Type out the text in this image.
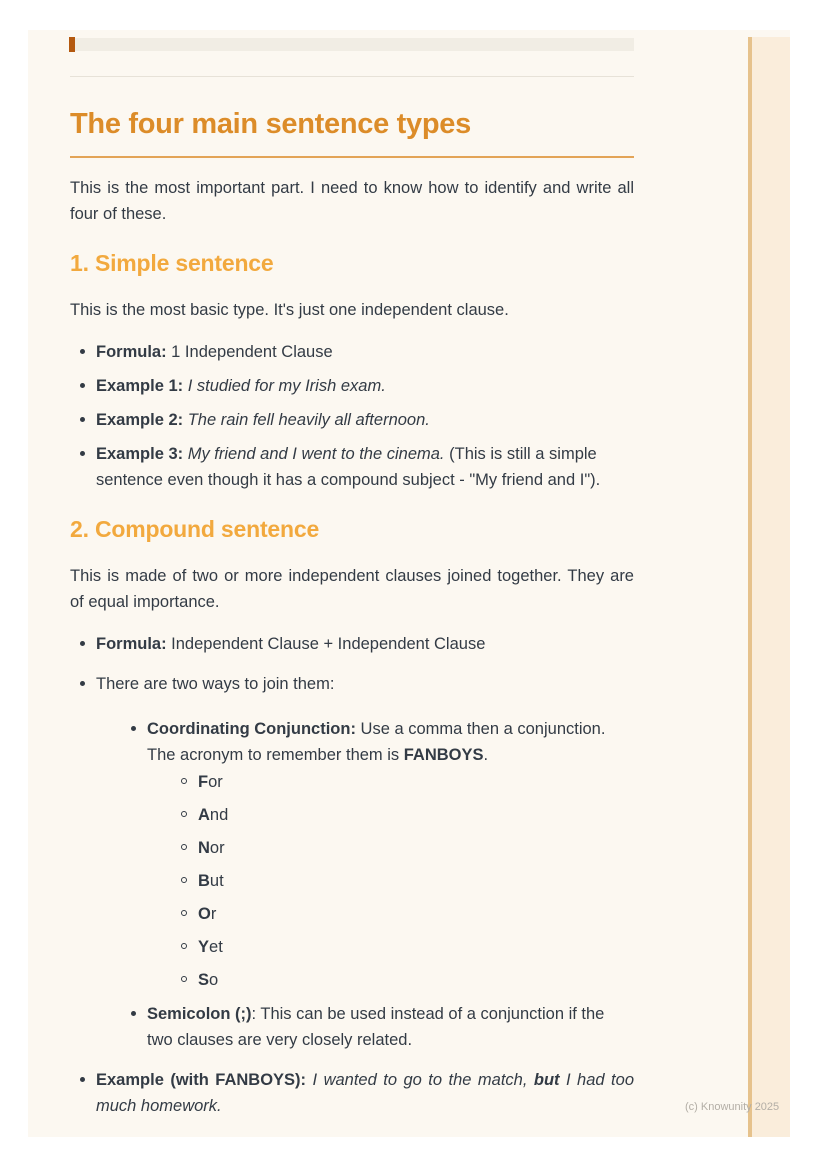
The four main sentence types

This is the most important part. I need to know how to identify and write all four of these.

1. Simple sentence

This is the most basic type. It's just one independent clause.

Formula: 1 Independent Clause
Example 1: I studied for my Irish exam.
Example 2: The rain fell heavily all afternoon.
Example 3: My friend and I went to the cinema. (This is still a simple sentence even though it has a compound subject - "My friend and I").
2. Compound sentence

This is made of two or more independent clauses joined together. They are of equal importance.

Formula: Independent Clause + Independent Clause
There are two ways to join them:
Coordinating Conjunction: Use a comma then a conjunction. The acronym to remember them is FANBOYS.
For
And
Nor
But
Or
Yet
So
Semicolon (;): This can be used instead of a conjunction if the two clauses are very closely related.
Example (with FANBOYS): I wanted to go to the match, but I had too much homework.	(c) Knowunity 2025
